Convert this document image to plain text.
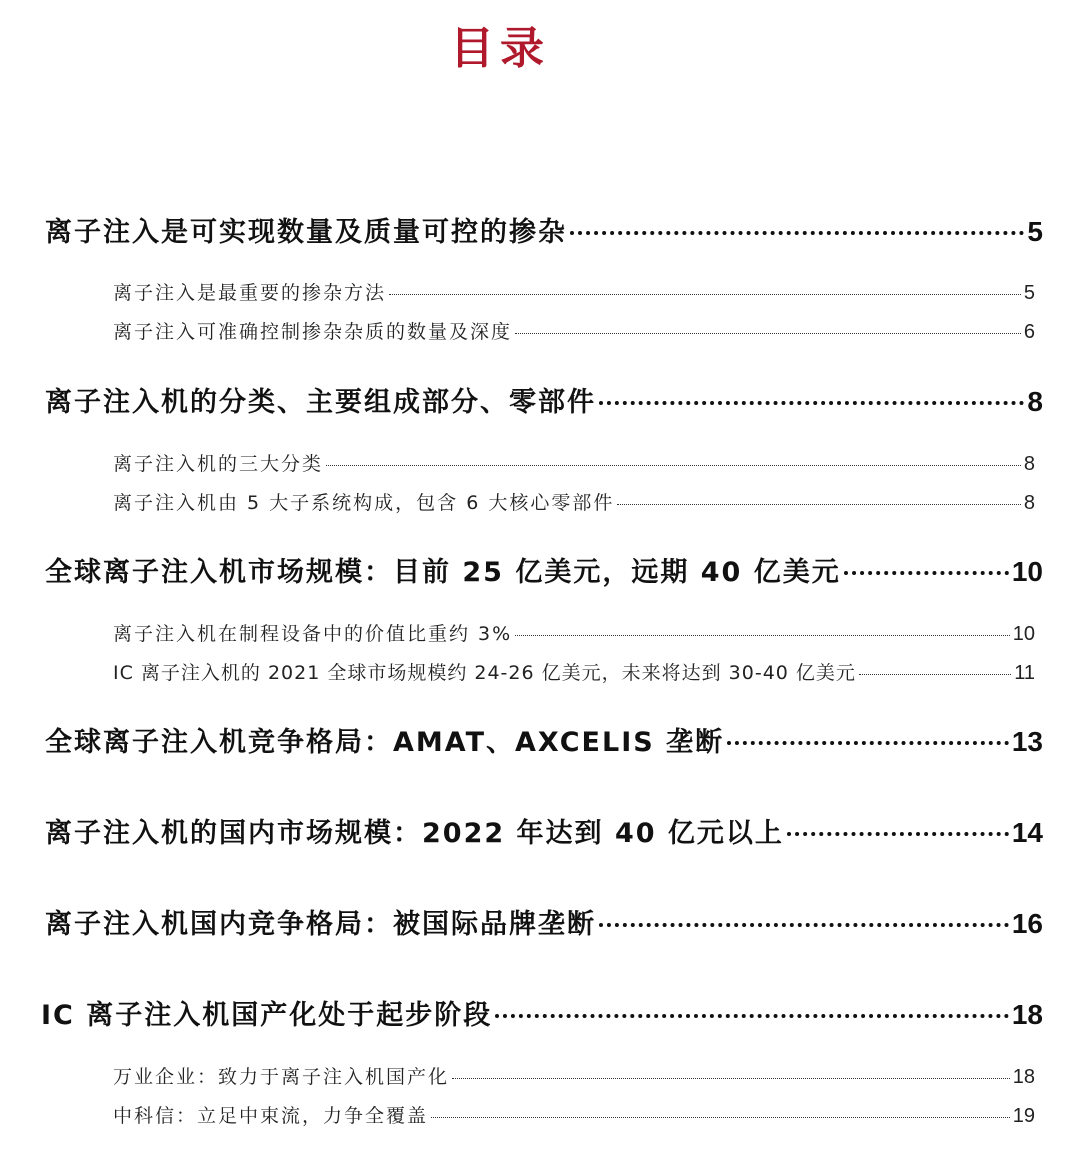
目录
离子注入是可实现数量及质量可控的掺杂	5
离子注入是最重要的掺杂方法	5
离子注入可准确控制掺杂杂质的数量及深度	6
离子注入机的分类、主要组成部分、零部件	8
离子注入机的三大分类	8
离子注入机由 5 大子系统构成，包含 6 大核心零部件	8
全球离子注入机市场规模：目前 25 亿美元，远期 40 亿美元	10
离子注入机在制程设备中的价值比重约 3%	10
IC 离子注入机的 2021 全球市场规模约 24-26 亿美元，未来将达到 30-40 亿美元	11
全球离子注入机竞争格局：AMAT、AXCELIS 垄断	13
离子注入机的国内市场规模：2022 年达到 40 亿元以上	14
离子注入机国内竞争格局：被国际品牌垄断	16
IC 离子注入机国产化处于起步阶段	18
万业企业：致力于离子注入机国产化	18
中科信：立足中束流，力争全覆盖	19
